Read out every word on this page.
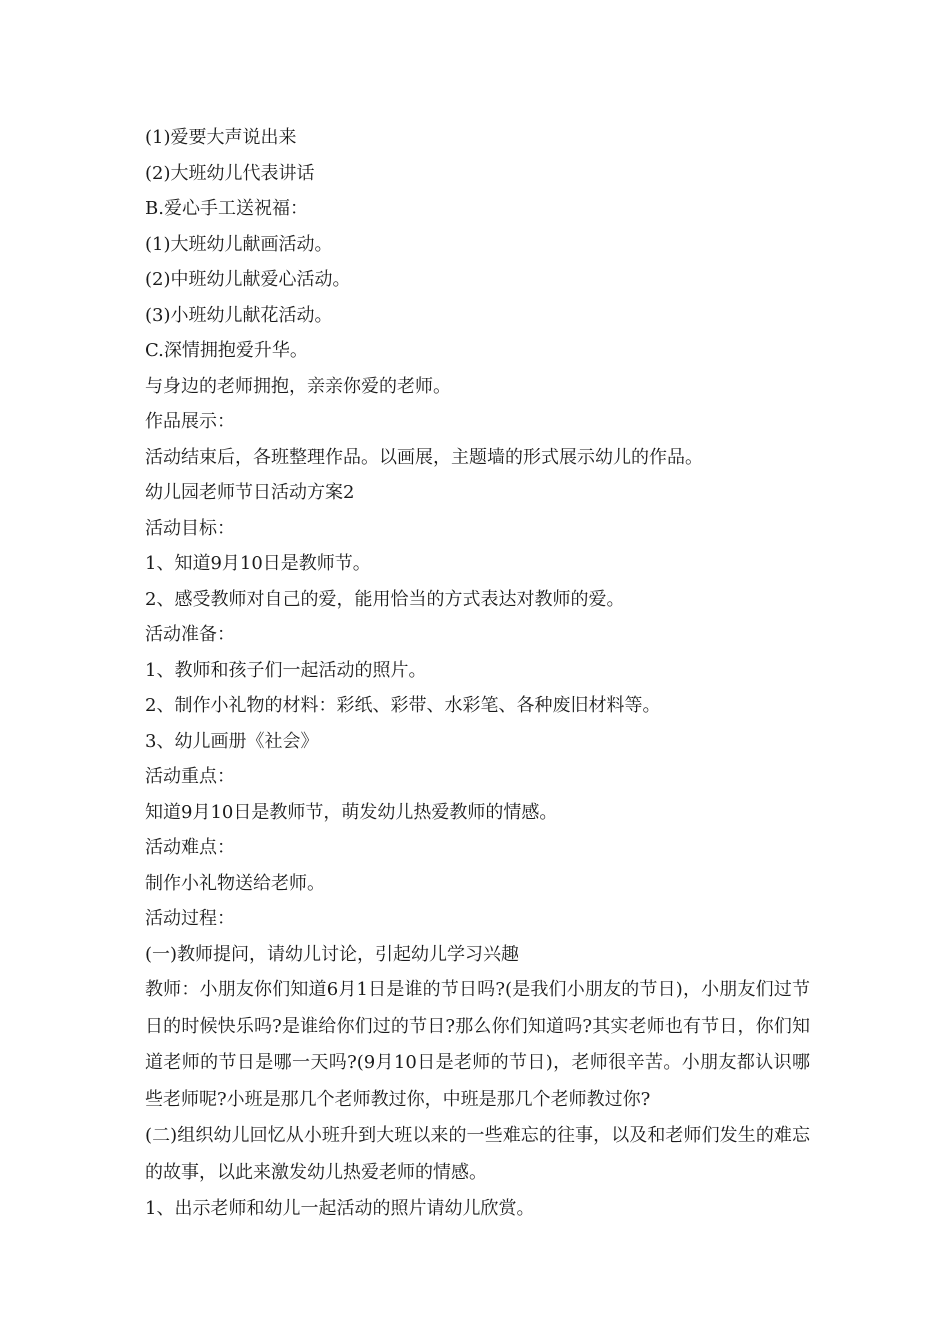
(1)爱要大声说出来
(2)大班幼儿代表讲话
B.爱心手工送祝福：
(1)大班幼儿献画活动。
(2)中班幼儿献爱心活动。
(3)小班幼儿献花活动。
C.深情拥抱爱升华。
与身边的老师拥抱，亲亲你爱的老师。
作品展示：
活动结束后，各班整理作品。以画展，主题墙的形式展示幼儿的作品。
幼儿园老师节日活动方案2
活动目标：
1、知道9月10日是教师节。
2、感受教师对自己的爱，能用恰当的方式表达对教师的爱。
活动准备：
1、教师和孩子们一起活动的照片。
2、制作小礼物的材料：彩纸、彩带、水彩笔、各种废旧材料等。
3、幼儿画册《社会》
活动重点：
知道9月10日是教师节，萌发幼儿热爱教师的情感。
活动难点：
制作小礼物送给老师。
活动过程：
(一)教师提问，请幼儿讨论，引起幼儿学习兴趣
教师：小朋友你们知道6月1日是谁的节日吗?(是我们小朋友的节日)，小朋友们过节日的时候快乐吗?是谁给你们过的节日?那么你们知道吗?其实老师也有节日，你们知道老师的节日是哪一天吗?(9月10日是老师的节日)，老师很辛苦。小朋友都认识哪些老师呢?小班是那几个老师教过你，中班是那几个老师教过你?
(二)组织幼儿回忆从小班升到大班以来的一些难忘的往事，以及和老师们发生的难忘的故事，以此来激发幼儿热爱老师的情感。
1、出示老师和幼儿一起活动的照片请幼儿欣赏。
